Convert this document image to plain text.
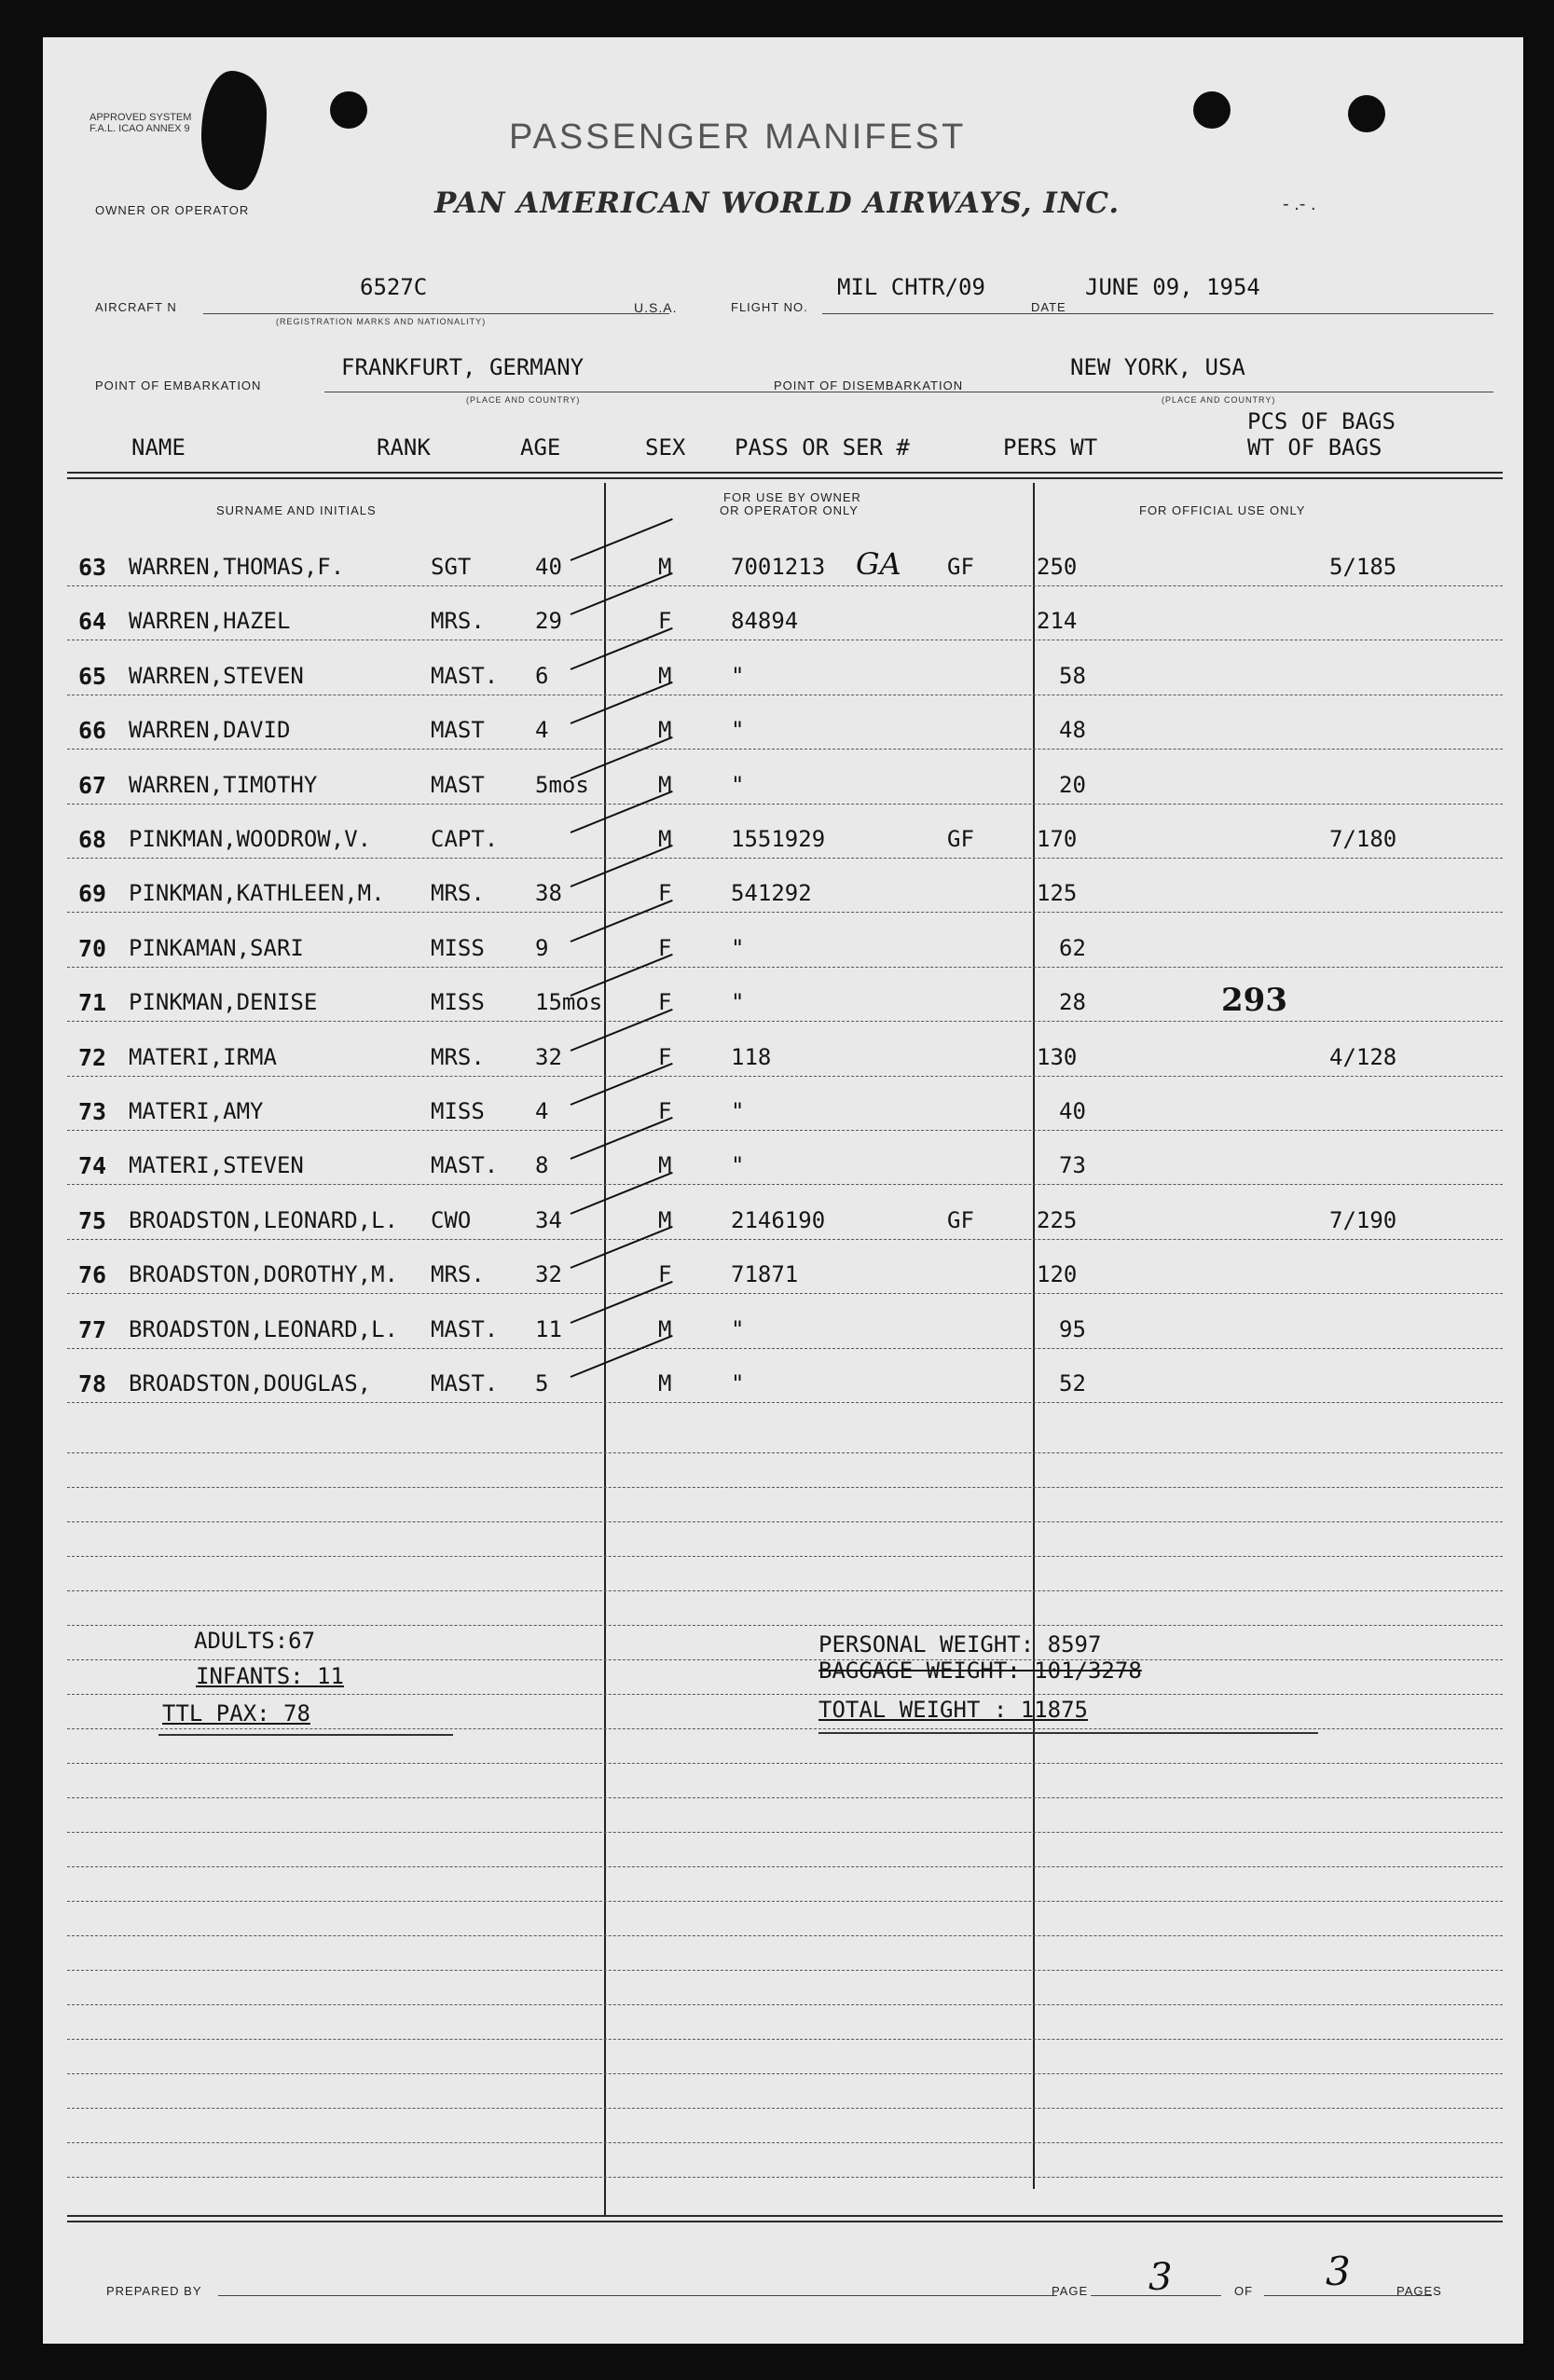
APPROVED SYSTEM F.A.L. ICAO ANNEX 9	PASSENGER MANIFEST
OWNER OR OPERATOR	PAN AMERICAN WORLD AIRWAYS, INC.	- .- .
AIRCRAFT N
6527C
(REGISTRATION MARKS AND NATIONALITY)
U.S.A.	FLIGHT NO.
MIL CHTR/09
DATE
JUNE 09, 1954
POINT OF EMBARKATION
FRANKFURT, GERMANY
(PLACE AND COUNTRY)
POINT OF DISEMBARKATION
NEW YORK, USA
(PLACE AND COUNTRY)
NAME	RANK	AGE	SEX PASS OR SER #	PERS WT
PCS OF BAGS
WT OF BAGS
SURNAME AND INITIALS
FOR USE BY OWNER
OR OPERATOR ONLY	FOR OFFICIAL USE ONLY
63 WARREN,THOMAS,F.	SGT	40	M	7001213 GA GF	250	5/185
64 WARREN,HAZEL	MRS. 29	F	84894	214
65 WARREN,STEVEN	MAST. 6	M	"	58
66 WARREN,DAVID	MAST 4	M	"	48
67 WARREN,TIMOTHY	MAST 5mos	M	"	20
68 PINKMAN,WOODROW,V.	CAPT.	M	1551929	GF	170	7/180
69 PINKMAN,KATHLEEN,M. MRS. 38	F	541292	125
70 PINKAMAN,SARI	MISS 9	F	"	62
71 PINKMAN,DENISE	MISS 15mos F	"	28	293
72 MATERI,IRMA	MRS. 32	F	118	130	4/128
73 MATERI,AMY	MISS 4	F	"	40
74 MATERI,STEVEN	MAST. 8	M	"	73
75 BROADSTON,LEONARD,L. CWO	34	M	2146190	GF	225	7/190
76 BROADSTON,DOROTHY,M. MRS. 32	F	71871	120
77 BROADSTON,LEONARD,L. MAST. 11	M	"	95
78 BROADSTON,DOUGLAS,	MAST. 5	M	"	52
ADULTS:67
INFANTS: 11
TTL PAX: 78
PERSONAL WEIGHT: 8597
BAGGAGE WEIGHT: 101/3278
TOTAL WEIGHT : 11875
PREPARED BY	PAGE 3	OF 3	PAGES
